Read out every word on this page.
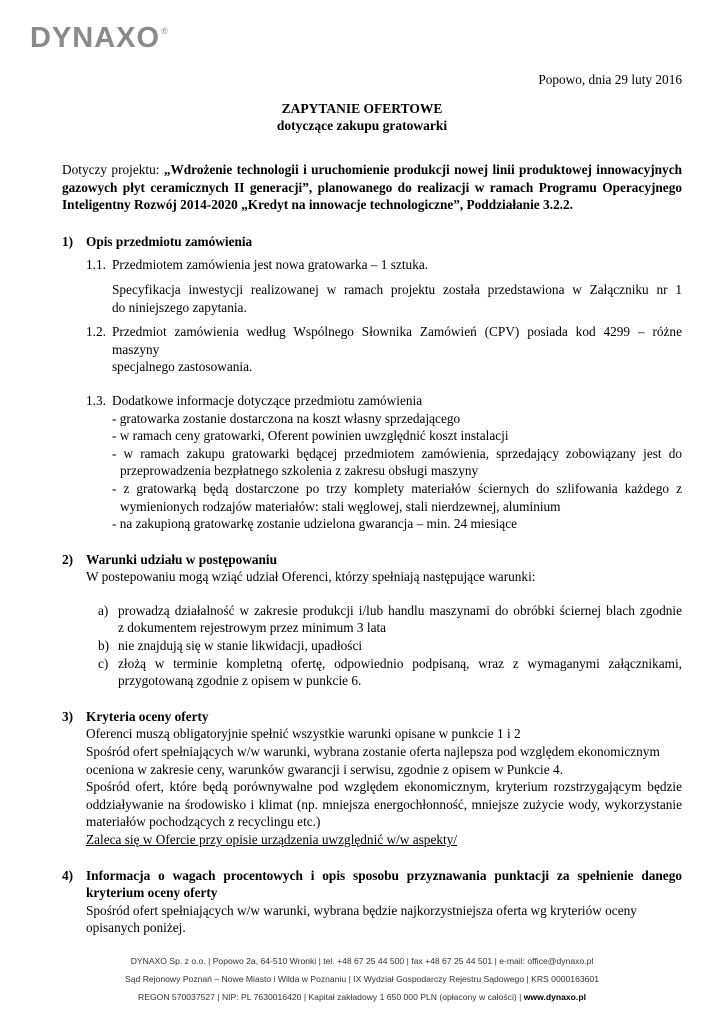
DYNAXO®
Popowo, dnia 29 luty 2016
ZAPYTANIE OFERTOWE
dotyczące zakupu gratowarki
Dotyczy projektu: „Wdrożenie technologii i uruchomienie produkcji nowej linii produktowej innowacyjnych
gazowych płyt ceramicznych II generacji”, planowanego do realizacji w ramach Programu Operacyjnego
Inteligentny Rozwój 2014-2020 „Kredyt na innowacje technologiczne”, Poddziałanie 3.2.2.
1) Opis przedmiotu zamówienia
1.1. Przedmiotem zamówienia jest nowa gratowarka – 1 sztuka.
Specyfikacja inwestycji realizowanej w ramach projektu została przedstawiona w Załączniku nr 1
do niniejszego zapytania.
1.2. Przedmiot zamówienia według Wspólnego Słownika Zamówień (CPV) posiada kod 4299 – różne maszyny
specjalnego zastosowania.
1.3. Dodatkowe informacje dotyczące przedmiotu zamówienia
- gratowarka zostanie dostarczona na koszt własny sprzedającego
- w ramach ceny gratowarki, Oferent powinien uwzględnić koszt instalacji
- w ramach zakupu gratowarki będącej przedmiotem zamówienia, sprzedający zobowiązany jest do
przeprowadzenia bezpłatnego szkolenia z zakresu obsługi maszyny
- z gratowarką będą dostarczone po trzy komplety materiałów ściernych do szlifowania każdego z
wymienionych rodzajów materiałów: stali węglowej, stali nierdzewnej, aluminium
- na zakupioną gratowarkę zostanie udzielona gwarancja – min. 24 miesiące
2) Warunki udziału w postępowaniu
W postepowaniu mogą wziąć udział Oferenci, którzy spełniają następujące warunki:
a) prowadzą działalność w zakresie produkcji i/lub handlu maszynami do obróbki ściernej blach zgodnie
z dokumentem rejestrowym przez minimum 3 lata
b) nie znajdują się w stanie likwidacji, upadłości
c) złożą w terminie kompletną ofertę, odpowiednio podpisaną, wraz z wymaganymi załącznikami,
przygotowaną zgodnie z opisem w punkcie 6.
3) Kryteria oceny oferty
Oferenci muszą obligatoryjnie spełnić wszystkie warunki opisane w punkcie 1 i 2
Spośród ofert spełniających w/w warunki, wybrana zostanie oferta najlepsza pod względem ekonomicznym
oceniona w zakresie ceny, warunków gwarancji i serwisu, zgodnie z opisem w Punkcie 4.
Spośród ofert, które będą porównywalne pod względem ekonomicznym, kryterium rozstrzygającym będzie
oddziaływanie na środowisko i klimat (np. mniejsza energochłonność, mniejsze zużycie wody, wykorzystanie
materiałów pochodzących z recyclingu etc.)
Zaleca się w Ofercie przy opisie urządzenia uwzględnić w/w aspekty/
4) Informacja o wagach procentowych i opis sposobu przyznawania punktacji za spełnienie danego
kryterium oceny oferty
Spośród ofert spełniających w/w warunki, wybrana będzie najkorzystniejsza oferta wg kryteriów oceny
opisanych poniżej.
DYNAXO Sp. z o.o. | Popowo 2a, 64-510 Wronki | tel. +48 67 25 44 500 | fax +48 67 25 44 501 | e-mail: office@dynaxo.pl
Sąd Rejonowy Poznań – Nowe Miasto i Wilda w Poznaniu | IX Wydział Gospodarczy Rejestru Sądowego | KRS 0000163601
REGON 570037527 | NIP: PL 7630016420 | Kapitał zakładowy 1 650 000 PLN (opłacony w całości) | www.dynaxo.pl
